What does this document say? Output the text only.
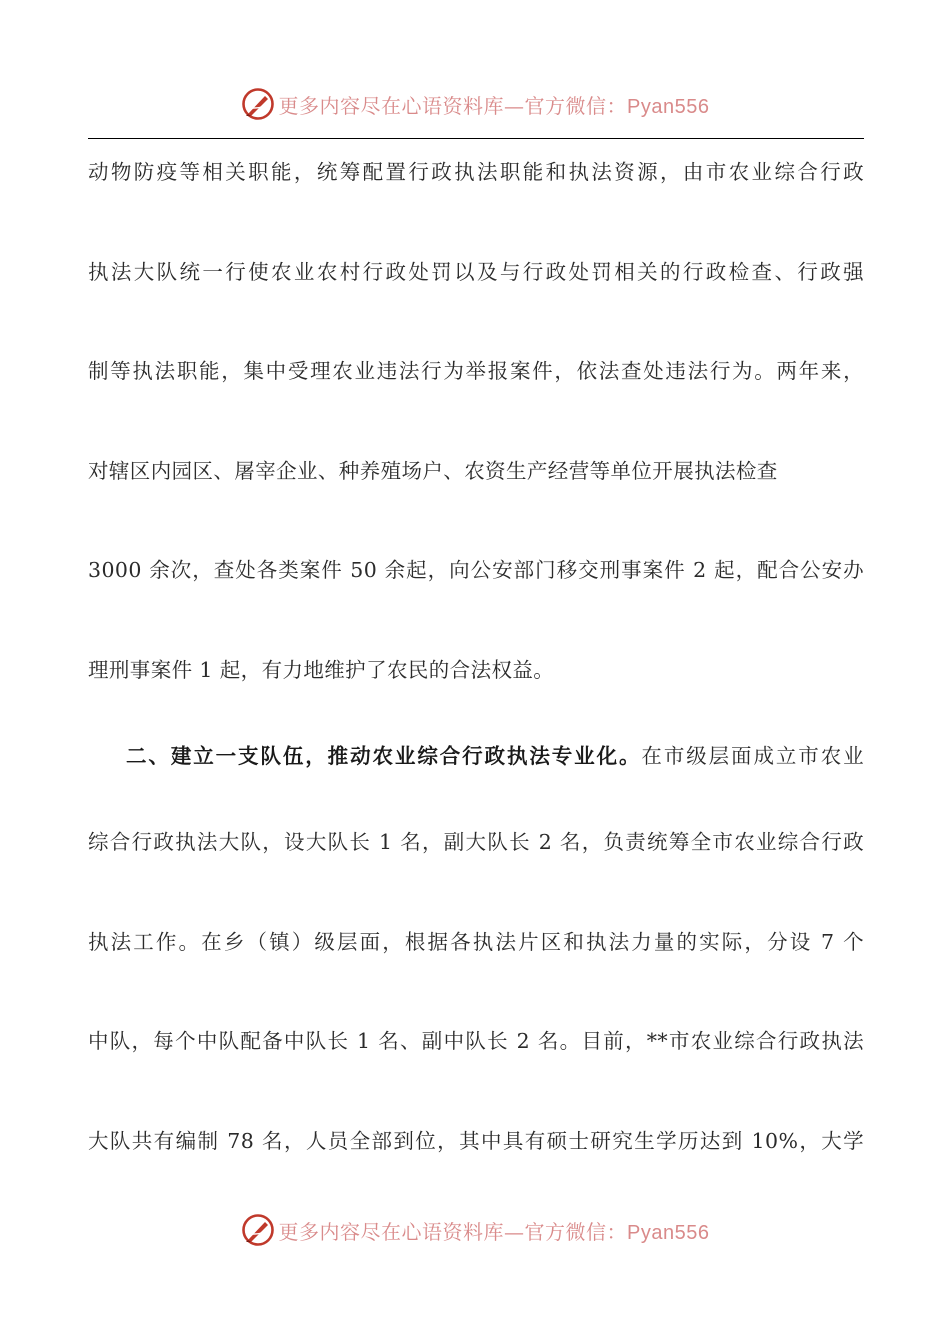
更多内容尽在心语资料库—官方微信：Pyan556
动物防疫等相关职能，统筹配置行政执法职能和执法资源，由市农业综合行政
执法大队统一行使农业农村行政处罚以及与行政处罚相关的行政检查、行政强
制等执法职能，集中受理农业违法行为举报案件，依法查处违法行为。两年来，
对辖区内园区、屠宰企业、种养殖场户、农资生产经营等单位开展执法检查
3000 余次，查处各类案件 50 余起，向公安部门移交刑事案件 2 起，配合公安办
理刑事案件 1 起，有力地维护了农民的合法权益。
二、建立一支队伍，推动农业综合行政执法专业化。在市级层面成立市农业
综合行政执法大队，设大队长 1 名，副大队长 2 名，负责统筹全市农业综合行政
执法工作。在乡（镇）级层面，根据各执法片区和执法力量的实际，分设 7 个
中队，每个中队配备中队长 1 名、副中队长 2 名。目前，**市农业综合行政执法
大队共有编制 78 名，人员全部到位，其中具有硕士研究生学历达到 10%，大学
更多内容尽在心语资料库—官方微信：Pyan556
